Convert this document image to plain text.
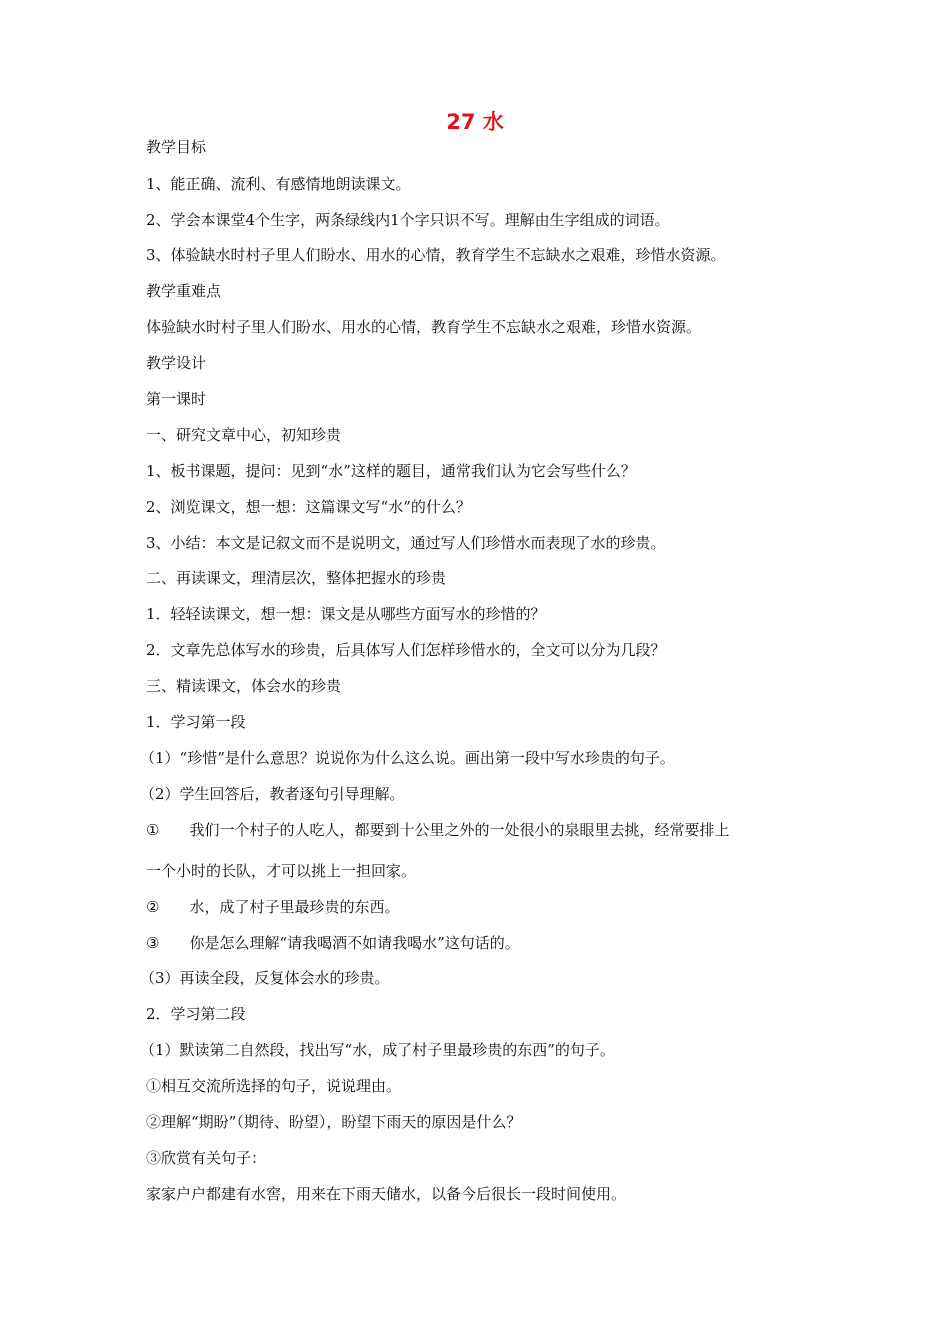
27 水
教学目标
1、能正确、流利、有感情地朗读课文。
2、学会本课堂4个生字，两条绿线内1个字只识不写。理解由生字组成的词语。
3、体验缺水时村子里人们盼水、用水的心情，教育学生不忘缺水之艰难，珍惜水资源。
教学重难点
体验缺水时村子里人们盼水、用水的心情，教育学生不忘缺水之艰难，珍惜水资源。
教学设计
第一课时
一、研究文章中心，初知珍贵
1、板书课题，提问：见到“水”这样的题目，通常我们认为它会写些什么？
2、浏览课文，想一想：这篇课文写“水”的什么？
3、小结：本文是记叙文而不是说明文，通过写人们珍惜水而表现了水的珍贵。
二、再读课文，理清层次，整体把握水的珍贵
1．轻轻读课文，想一想：课文是从哪些方面写水的珍惜的？
2．文章先总体写水的珍贵，后具体写人们怎样珍惜水的，全文可以分为几段？
三、精读课文，体会水的珍贵
1．学习第一段
（1）“珍惜”是什么意思？说说你为什么这么说。画出第一段中写水珍贵的句子。
（2）学生回答后，教者逐句引导理解。
① 我们一个村子的人吃人，都要到十公里之外的一处很小的泉眼里去挑，经常要排上
一个小时的长队，才可以挑上一担回家。
② 水，成了村子里最珍贵的东西。
③ 你是怎么理解“请我喝酒不如请我喝水”这句话的。
（3）再读全段，反复体会水的珍贵。
2．学习第二段
（1）默读第二自然段，找出写“水，成了村子里最珍贵的东西”的句子。
①相互交流所选择的句子，说说理由。
②理解“期盼”（期待、盼望），盼望下雨天的原因是什么？
③欣赏有关句子：
家家户户都建有水窖，用来在下雨天储水，以备今后很长一段时间使用。
